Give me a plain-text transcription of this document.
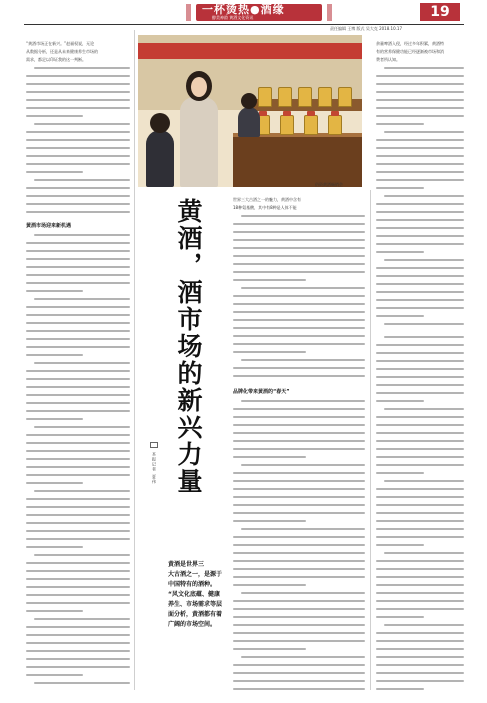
一杯烫热●酒缘
醇美神韵 黄酒文化资讯	19
责任编辑 王博 版式 吴大克 2018.10.17
“黄酒市场正在新兴。”赵福权说，无论
从数据分析，还是从未来健康养生市场的
需求，都足以印证我的这一判断。
黄酒市场迎来新机遇
俗资黄酒畅销会
黄酒，酒市场的新兴力量
本报记者 夏伟
黄酒是世界三
大古酒之一，是源于
中国特有的酒种。
“风文化底蕴、健康
养生、市场需求等层
面分析，黄酒都有着
广阔的市场空间。
世界三大古酒之一的魅力，黄酒中含有
18种氨基酸，其中有8种是人体不能
品牌化带来黄酒的“春天”
余量啤酒入侵，经过多年积累，黄酒特
有的营养保健功能已经逐渐被市场和消
费者所认知。
